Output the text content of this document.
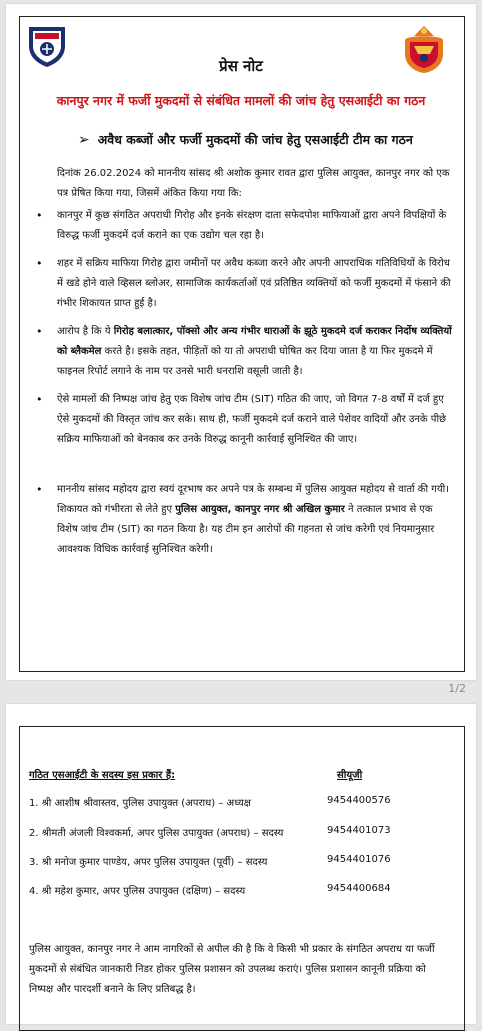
प्रेस नोट
कानपुर नगर में फर्जी मुकदमों से संबंधित मामलों की जांच हेतु एसआईटी का गठन
➢ अवैध कब्जों और फर्जी मुकदमों की जांच हेतु एसआईटी टीम का गठन
दिनांक 26.02.2024 को माननीय सांसद श्री अशोक कुमार रावत द्वारा पुलिस आयुक्त, कानपुर नगर को एक पत्र प्रेषित किया गया, जिसमें अंकित किया गया कि:
• कानपुर में कुछ संगठित अपराधी गिरोह और इनके संरक्षण दाता सफेदपोश माफियाओं द्वारा अपने विपक्षियों के विरुद्ध फर्जी मुकदमें दर्ज कराने का एक उद्योग चल रहा है।
• शहर में सक्रिय माफिया गिरोह द्वारा जमीनों पर अवैध कब्जा करने और अपनी आपराधिक गतिविधियों के विरोध में खडे होने वाले व्हिसल ब्लोअर, सामाजिक कार्यकर्ताओं एवं प्रतिष्ठित व्यक्तियों को फर्जी मुकदमों में फंसाने की गंभीर शिकायत प्राप्त हुई है।
• आरोप है कि ये गिरोह बलात्कार, पॉक्सो और अन्य गंभीर धाराओं के झूठे मुकदमे दर्ज कराकर निर्दोष व्यक्तियों को ब्लैकमेल करते है। इसके तहत, पीड़ितों को या तो अपराधी घोषित कर दिया जाता है या फिर मुकदमे में फाइनल रिपोर्ट लगाने के नाम पर उनसे भारी धनराशि वसूली जाती है।
• ऐसे मामलों की निष्पक्ष जांच हेतु एक विशेष जांच टीम (SIT) गठित की जाए, जो विगत 7-8 वर्षों में दर्ज हुए ऐसे मुकदमों की विस्तृत जांच कर सके। साथ ही, फर्जी मुकदमे दर्ज कराने वाले पेशेवर वादियों और उनके पीछे सक्रिय माफियाओं को बेनकाब कर उनके विरुद्ध कानूनी कार्रवाई सुनिश्चित की जाए।
• माननीय सांसद महोदय द्वारा स्वयं दूरभाष कर अपने पत्र के सम्बन्ध में पुलिस आयुक्त महोदय से वार्ता की गयी। शिकायत को गंभीरता से लेते हुए पुलिस आयुक्त, कानपुर नगर श्री अखिल कुमार ने तत्काल प्रभाव से एक विशेष जांच टीम (SIT) का गठन किया है। यह टीम इन आरोपों की गहनता से जांच करेगी एवं नियमानुसार आवश्यक विधिक कार्रवाई सुनिश्चित करेगी।
1/2
गठित एसआईटी के सदस्य इस प्रकार हैं:	सीयूजी
1. श्री आशीष श्रीवास्तव, पुलिस उपायुक्त (अपराध) – अध्यक्ष	9454400576
2. श्रीमती अंजली विश्वकर्मा, अपर पुलिस उपायुक्त (अपराध) – सदस्य	9454401073
3. श्री मनोज कुमार पाण्डेय, अपर पुलिस उपायुक्त (पूर्वी) – सदस्य	9454401076
4. श्री महेश कुमार, अपर पुलिस उपायुक्त (दक्षिण) – सदस्य	9454400684
पुलिस आयुक्त, कानपुर नगर ने आम नागरिकों से अपील की है कि वे किसी भी प्रकार के संगठित अपराध या फर्जी मुकदमों से संबंधित जानकारी निडर होकर पुलिस प्रशासन को उपलब्ध कराएं। पुलिस प्रशासन कानूनी प्रक्रिया को निष्पक्ष और पारदर्शी बनाने के लिए प्रतिबद्ध है।
